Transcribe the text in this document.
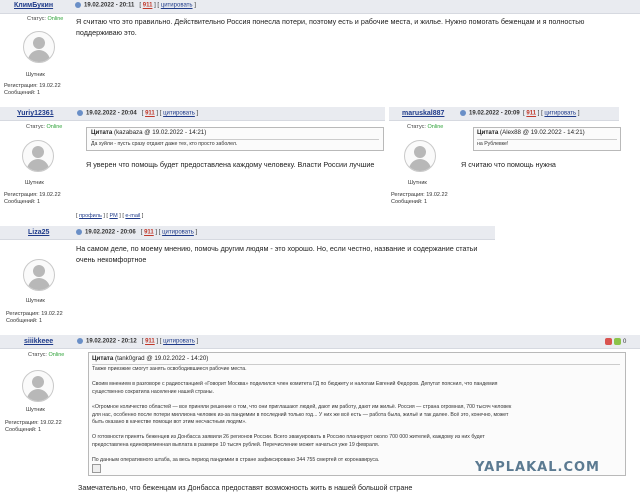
КлимБукин	19.02.2022 - 20:11   [ 911 ] [ цитировать ]
Статус: Online
Шутник
Регистрация: 19.02.22
Сообщений: 1
Я считаю что это правильно. Действительно Россия понесла потери, поэтому есть и рабочие места, и жилье. Нужно помогать беженцам и я полностью поддерживаю это.
Yuriy12361	19.02.2022 - 20:04   [ 911 ] [ цитировать ]
Статус: Online
Шутник
Регистрация: 19.02.22
Сообщений: 1
Цитата (kazabaza @ 19.02.2022 - 14:21)
Да хуйли - пусть сразу отдают даже тех, кто просто заболел.
Я уверен что помощь будет предоставлена каждому человеку. Власти России лучшие
maruskal887	19.02.2022 - 20:09  [ 911 ] [ цитировать ]
Статус: Online
Шутник
Регистрация: 19.02.22
Сообщений: 1
Цитата (Alex88 @ 19.02.2022 - 14:21)
на Рублевке!
Я считаю что помощь нужна
[ профиль ] [ PM ] [ e-mail ]
Liza25	19.02.2022 - 20:06   [ 911 ] [ цитировать ]
Шутник
Регистрация: 19.02.22
Сообщений: 1
На самом деле, по моему мнению, помочь другим людям - это хорошо. Но, если честно, название и содержание статьи очень некомфортное
siiikkeee	19.02.2022 - 20:12   [ 911 ] [ цитировать ]	0
Статус: Online
Шутник
Регистрация: 19.02.22
Сообщений: 1
Цитата (tank0grad @ 19.02.2022 - 14:20)
Также приезжие смогут занять освободившиеся рабочие места.
Своим мнением в разговоре с радиостанцией «Говорит Москва» поделился член комитета ГД по бюджету и налогам Евгений Федоров. Депутат пояснил, что пандемия
существенно сократила население нашей страны.
«Огромное количество областей — все приняли решение о том, что они приглашают людей, дают им работу, дают им жильё. Россия — страна огромная, 700 тысяч человек
для нас, особенно после потери миллиона человек из-за пандемии в последний только год... У них же всё есть — работа была, жильё и так далее. Всё это, конечно, может
быть оказано в качестве помощи вот этим несчастным людям».
О готовности принять беженцев из Донбасса заявили 26 регионов России. Всего эвакуировать в Россию планируют около 700 000 жителей, каждому из них будет
предоставлена единовременная выплата в размере 10 тысяч рублей. Перечисление может начаться уже 19 февраля.
По данным оперативного штаба, за весь период пандемии в стране зафиксировано 344 755 смертей от коронавируса.	YAPLAKAL.COM
Замечательно, что беженцам из Донбасса предоставят возможность жить в нашей большой стране
